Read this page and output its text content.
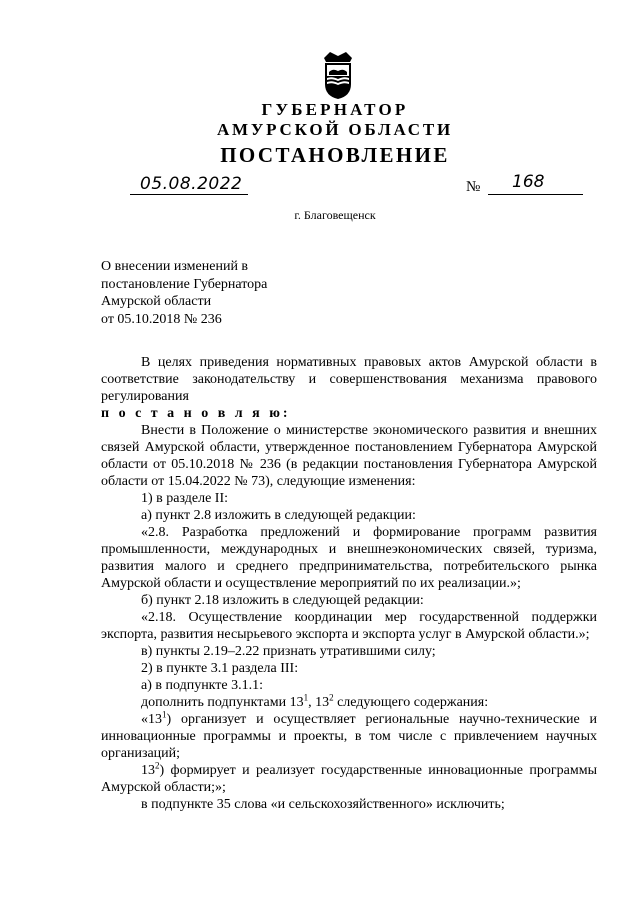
ГУБЕРНАТОР
АМУРСКОЙ ОБЛАСТИ
ПОСТАНОВЛЕНИЕ
05.08.2022	№ 168
г. Благовещенск
О внесении изменений в
постановление Губернатора
Амурской области
от 05.10.2018 № 236

В целях приведения нормативных правовых актов Амурской области в соответствие законодательству и совершенствования механизма правового регулирования

п о с т а н о в л я ю:

Внести в Положение о министерстве экономического развития и внешних связей Амурской области, утвержденное постановлением Губернатора Амурской области от 05.10.2018 № 236 (в редакции постановления Губернатора Амурской области от 15.04.2022 № 73), следующие изменения:

1) в разделе II:

а) пункт 2.8 изложить в следующей редакции:

«2.8. Разработка предложений и формирование программ развития промышленности, международных и внешнеэкономических связей, туризма, развития малого и среднего предпринимательства, потребительского рынка Амурской области и осуществление мероприятий по их реализации.»;

б) пункт 2.18 изложить в следующей редакции:

«2.18. Осуществление координации мер государственной поддержки экспорта, развития несырьевого экспорта и экспорта услуг в Амурской области.»;

в) пункты 2.19–2.22 признать утратившими силу;

2) в пункте 3.1 раздела III:

а) в подпункте 3.1.1:

дополнить подпунктами $13^1$, $13^2$ следующего содержания:

«$13^1$) организует и осуществляет региональные научно-технические и инновационные программы и проекты, в том числе с привлечением научных организаций;

$13^2$) формирует и реализует государственные инновационные программы Амурской области;»;

в подпункте 35 слова «и сельскохозяйственного» исключить;
